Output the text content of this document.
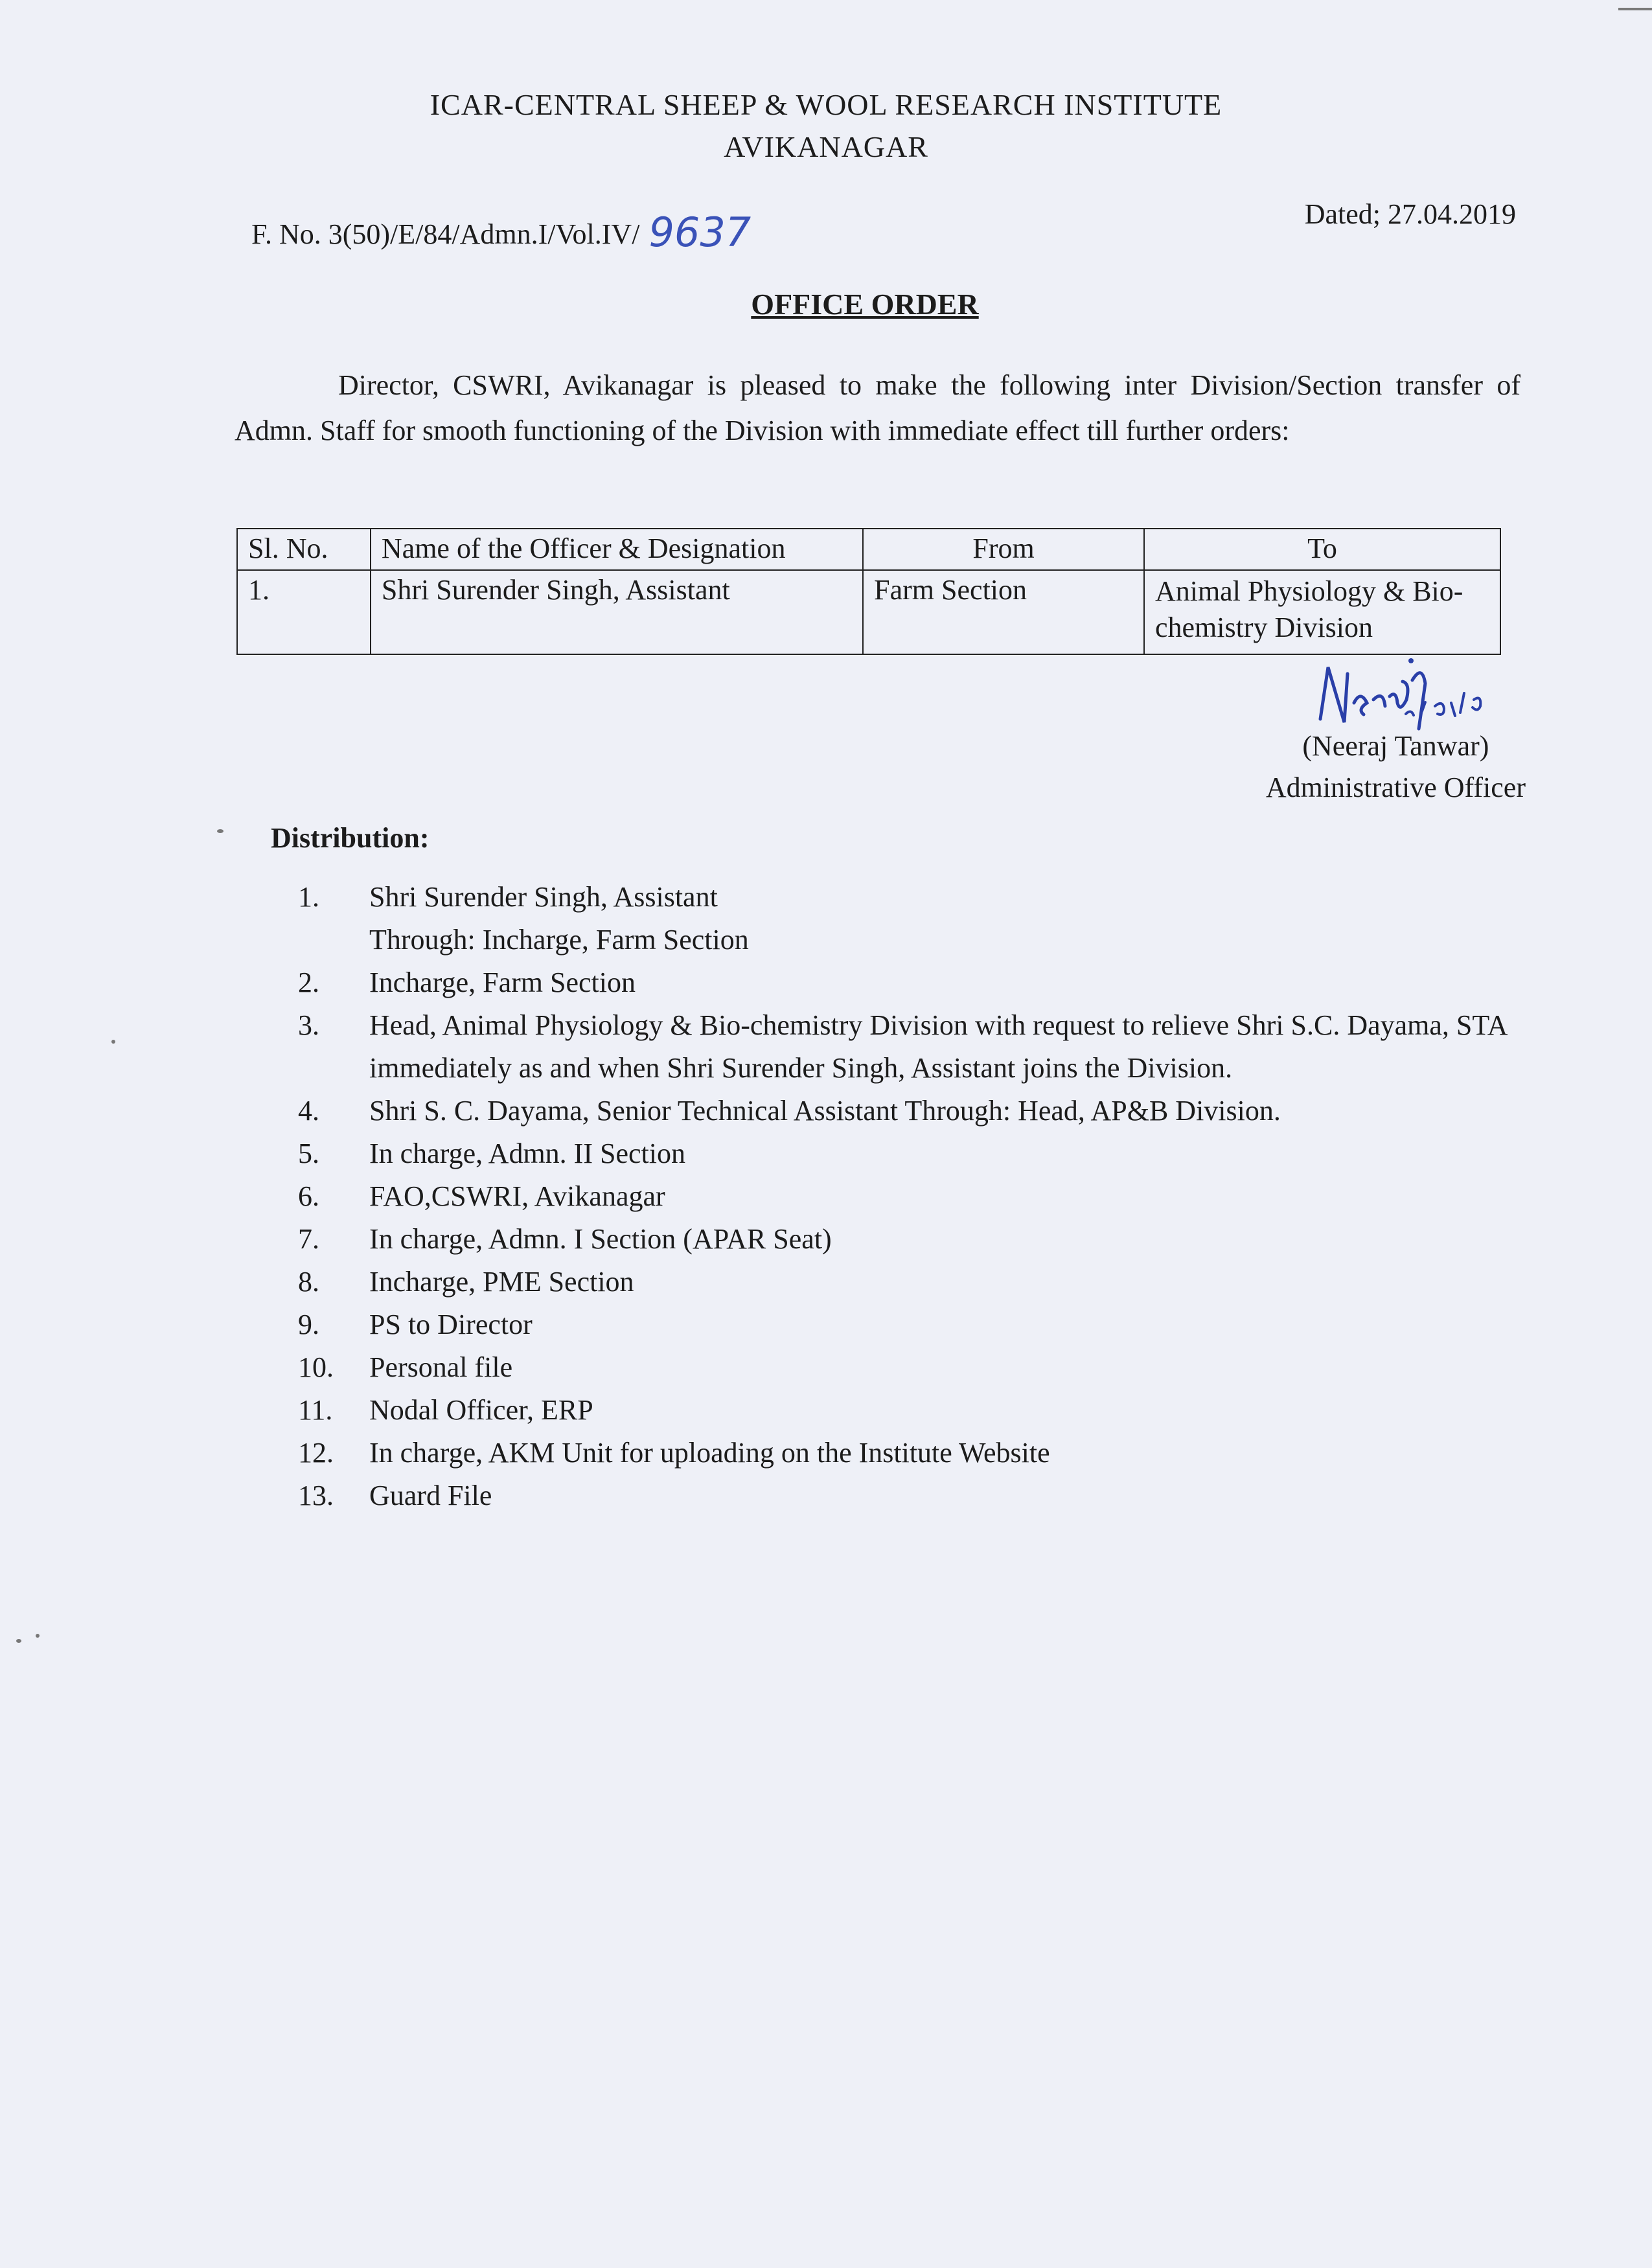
ICAR-CENTRAL SHEEP & WOOL RESEARCH INSTITUTE
AVIKANAGAR
F. No. 3(50)/E/84/Admn.I/Vol.IV/ 9637	Dated; 27.04.2019
OFFICE ORDER
Director, CSWRI, Avikanagar is pleased to make the following inter Division/Section transfer of Admn. Staff for smooth functioning of the Division with immediate effect till further orders:
Sl. No.	Name of the Officer & Designation	From	To
1.	Shri Surender Singh, Assistant	Farm Section	Animal Physiology & Bio-chemistry Division
(Neeraj Tanwar)
Administrative Officer
Distribution:
1.	Shri Surender Singh, Assistant
Through: Incharge, Farm Section
2.	Incharge, Farm Section
3.	Head, Animal Physiology & Bio-chemistry Division with request to relieve Shri S.C. Dayama, STA immediately as and when Shri Surender Singh, Assistant joins the Division.
4.	Shri S. C. Dayama, Senior Technical Assistant Through: Head, AP&B Division.
5.	In charge, Admn. II Section
6.	FAO,CSWRI, Avikanagar
7.	In charge, Admn. I Section (APAR Seat)
8.	Incharge, PME Section
9.	PS to Director
10.	Personal file
11.	Nodal Officer, ERP
12.	In charge, AKM Unit for uploading on the Institute Website
13.	Guard File
